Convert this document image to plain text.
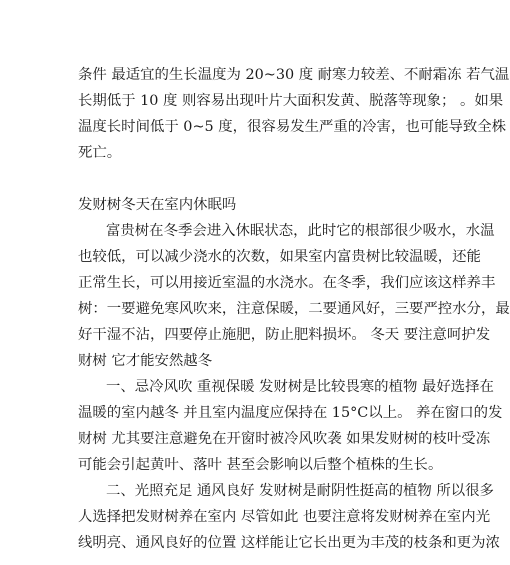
条件 最适宜的生长温度为 20~30 度 耐寒力较差、不耐霜冻 若气温
长期低于 10 度 则容易出现叶片大面积发黄、脱落等现象； 。如果
温度长时间低于 0~5 度，很容易发生严重的冷害，也可能导致全株
死亡。
发财树冬天在室内休眠吗
富贵树在冬季会进入休眠状态，此时它的根部很少吸水，水温
也较低，可以减少浇水的次数，如果室内富贵树比较温暖，还能
正常生长，可以用接近室温的水浇水。在冬季，我们应该这样养丰
树：一要避免寒风吹来，注意保暖，二要通风好，三要严控水分，最
好干湿不沾，四要停止施肥，防止肥料损坏。 冬天 要注意呵护发
财树 它才能安然越冬
一、忌冷风吹 重视保暖 发财树是比较畏寒的植物 最好选择在
温暖的室内越冬 并且室内温度应保持在 15°C以上。 养在窗口的发
财树 尤其要注意避免在开窗时被冷风吹袭 如果发财树的枝叶受冻
可能会引起黄叶、落叶 甚至会影响以后整个植株的生长。
二、光照充足 通风良好 发财树是耐阴性挺高的植物 所以很多
人选择把发财树养在室内 尽管如此 也要注意将发财树养在室内光
线明亮、通风良好的位置 这样能让它长出更为丰茂的枝条和更为浓
